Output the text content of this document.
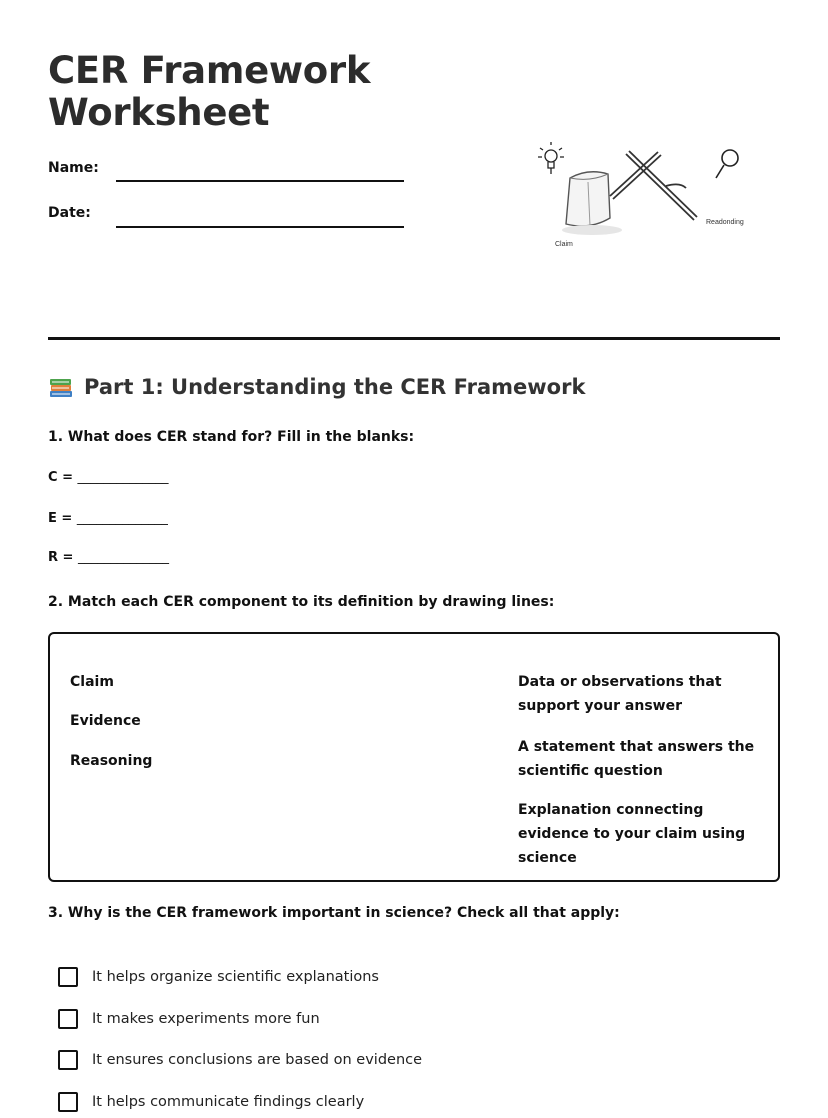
CER Framework
Worksheet
Name:
Date:
Claim
Readonding
Part 1: Understanding the CER Framework
1. What does CER stand for? Fill in the blanks:
C = ______________
E = ______________
R = ______________
2. Match each CER component to its definition by drawing lines:
Claim
Evidence
Reasoning
Data or observations that support your answer
A statement that answers the scientific question
Explanation connecting evidence to your claim using science
3. Why is the CER framework important in science? Check all that apply:
It helps organize scientific explanations
It makes experiments more fun
It ensures conclusions are based on evidence
It helps communicate findings clearly
